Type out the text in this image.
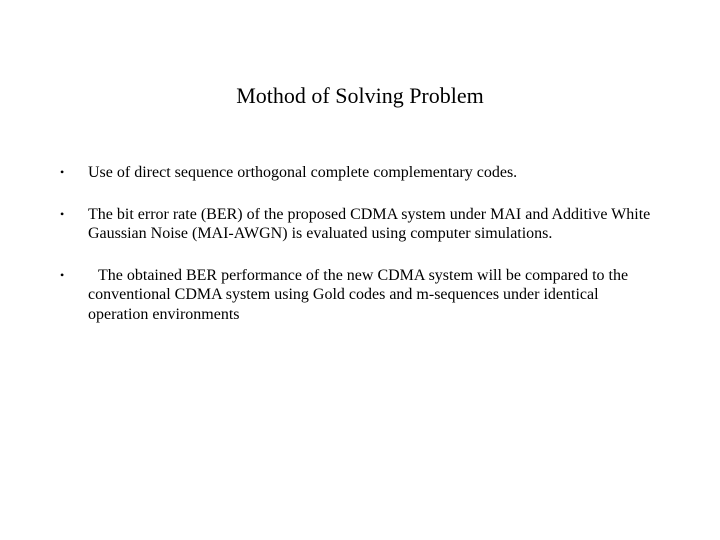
Mothod of Solving Problem
• Use of direct sequence orthogonal complete complementary codes.
• The bit error rate (BER) of the proposed CDMA system under MAI and Additive White Gaussian Noise (MAI-AWGN) is evaluated using computer simulations.
•	The obtained BER performance of the new CDMA system will be compared to the conventional CDMA system using Gold codes and m-sequences under identical operation environments
